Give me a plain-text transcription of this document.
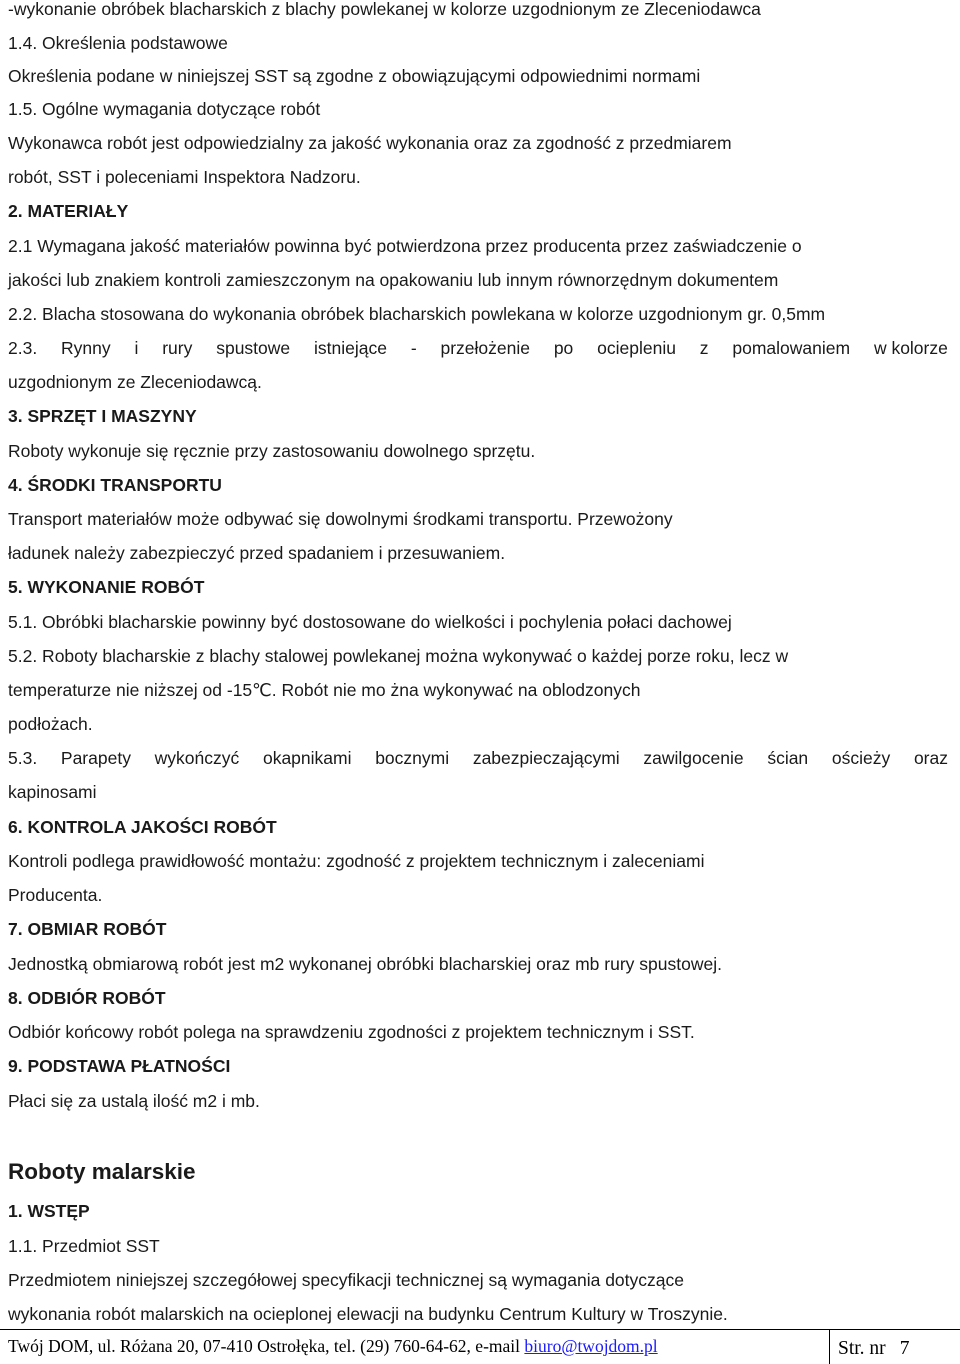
-wykonanie obróbek blacharskich z blachy powlekanej w kolorze uzgodnionym ze Zleceniodawca
1.4. Określenia podstawowe
Określenia podane w niniejszej SST są zgodne z obowiązującymi odpowiednimi normami
1.5. Ogólne wymagania dotyczące robót
Wykonawca robót jest odpowiedzialny za jakość wykonania oraz za zgodność z przedmiarem
robót, SST i poleceniami Inspektora Nadzoru.
2. MATERIAŁY
2.1 Wymagana jakość materiałów powinna być potwierdzona przez producenta przez zaświadczenie o
jakości lub znakiem kontroli zamieszczonym na opakowaniu lub innym równorzędnym dokumentem
2.2. Blacha stosowana do wykonania obróbek blacharskich powlekana w kolorze uzgodnionym gr. 0,5mm
2.3. Rynny i rury spustowe istniejące - przełożenie po ociepleniu z pomalowaniem w kolorze
uzgodnionym ze Zleceniodawcą.
3. SPRZĘT I MASZYNY
Roboty wykonuje się ręcznie przy zastosowaniu dowolnego sprzętu.
4. ŚRODKI TRANSPORTU
Transport materiałów może odbywać się dowolnymi środkami transportu. Przewożony
ładunek należy zabezpieczyć przed spadaniem i przesuwaniem.
5. WYKONANIE ROBÓT
5.1. Obróbki blacharskie powinny być dostosowane do wielkości i pochylenia połaci dachowej
5.2. Roboty blacharskie z blachy stalowej powlekanej można wykonywać o każdej porze roku, lecz w
temperaturze nie niższej od -15℃. Robót nie mo żna wykonywać na oblodzonych
podłożach.
5.3. Parapety wykończyć okapnikami bocznymi zabezpieczającymi zawilgocenie ścian ościeży oraz
kapinosami
6. KONTROLA JAKOŚCI ROBÓT
Kontroli podlega prawidłowość montażu: zgodność z projektem technicznym i zaleceniami
Producenta.
7. OBMIAR ROBÓT
Jednostką obmiarową robót jest m2 wykonanej obróbki blacharskiej oraz mb rury spustowej.
8. ODBIÓR ROBÓT
Odbiór końcowy robót polega na sprawdzeniu zgodności z projektem technicznym i SST.
9. PODSTAWA PŁATNOŚCI
Płaci się za ustalą ilość m2 i mb.
Roboty malarskie
1. WSTĘP
1.1. Przedmiot SST
Przedmiotem niniejszej szczegółowej specyfikacji technicznej są wymagania dotyczące
wykonania robót malarskich na ocieplonej elewacji na budynku Centrum Kultury w Troszynie.
Twój DOM, ul. Różana 20, 07-410 Ostrołęka, tel. (29) 760-64-62, e-mail biuro@twojdom.pl	Str. nr 7
